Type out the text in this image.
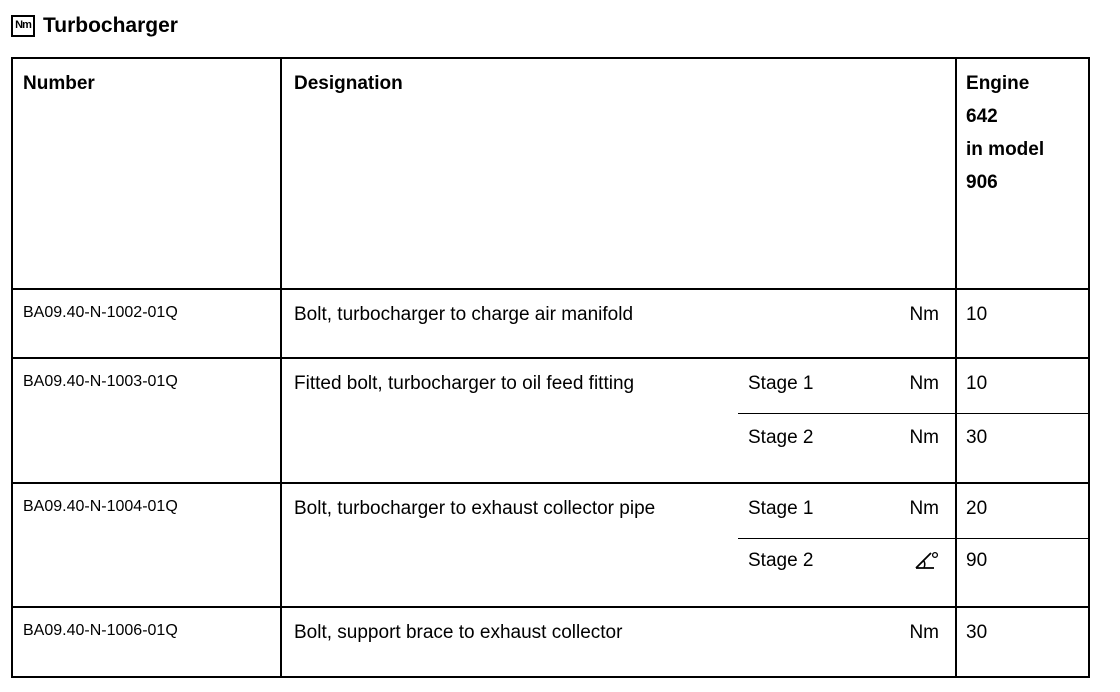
Nm Turbocharger
Number	Designation			Engine
642
in model
906

BA09.40-N-1002-01Q	Bolt, turbocharger to charge air manifold		Nm	10
BA09.40-N-1003-01Q	Fitted bolt, turbocharger to oil feed fitting	Stage 1	Nm	10
		Stage 2	Nm	30
BA09.40-N-1004-01Q	Bolt, turbocharger to exhaust collector pipe	Stage 1	Nm	20
		Stage 2		90
BA09.40-N-1006-01Q	Bolt, support brace to exhaust collector		Nm	30
